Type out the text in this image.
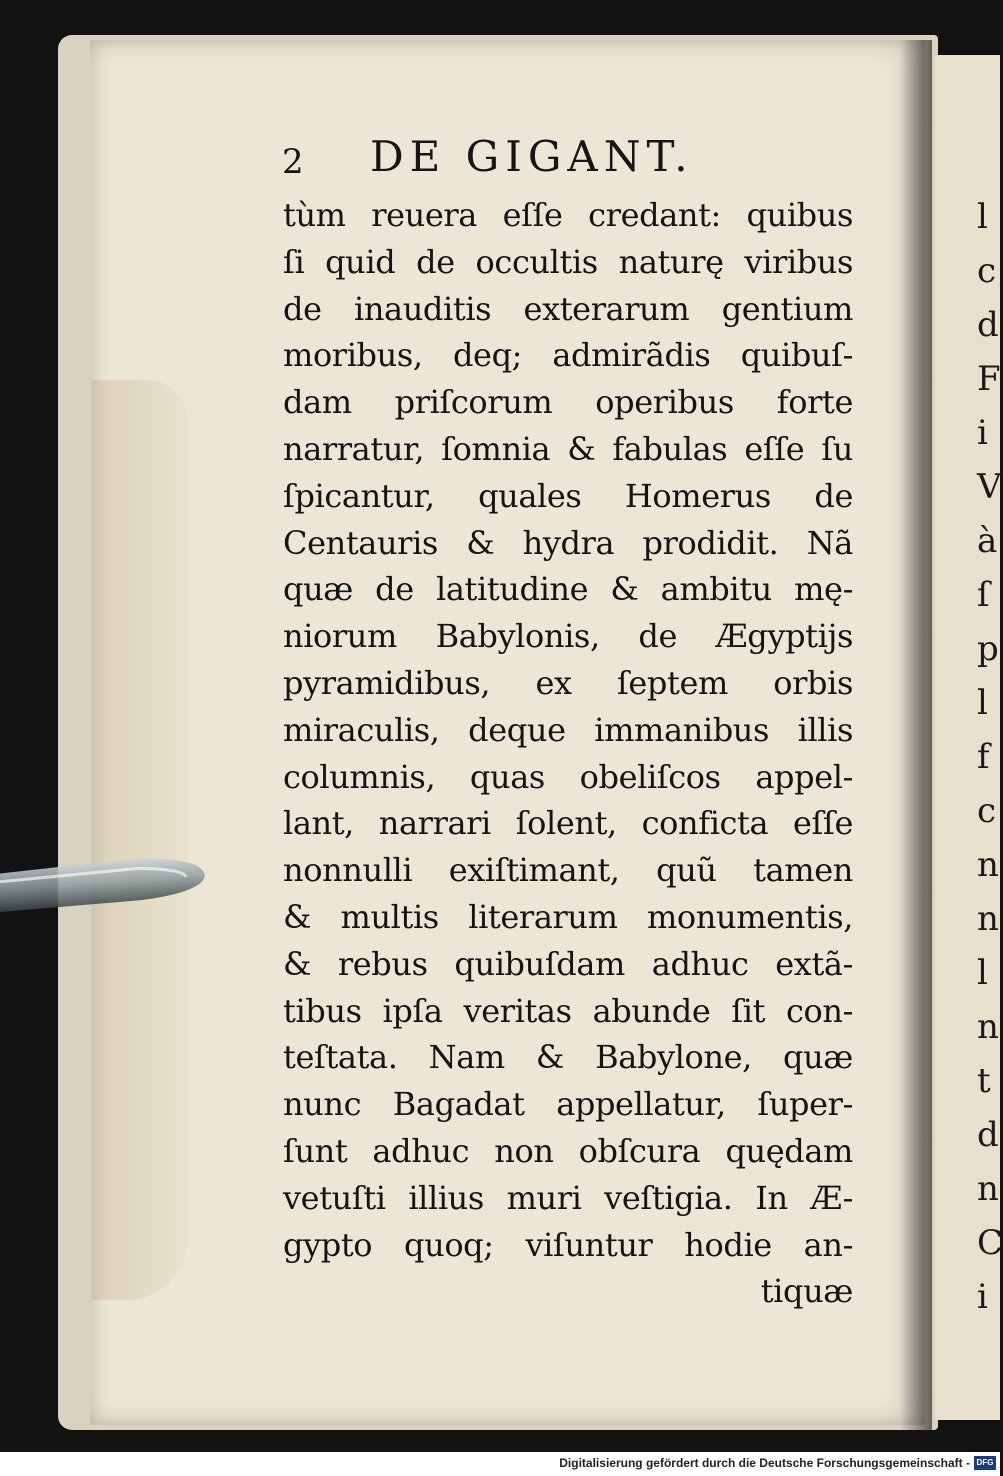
l
c
d
F
i
V
à
ſ
p
l
f
c
n
n
l
n
t
d
n
C
i
2 DE GIGANT.
tùm reuera eſſe credant: quibus
ſi quid de occultis naturę viribus
de inauditis exterarum gentium
moribus, deq; admirãdis quibuſ-
dam priſcorum operibus forte
narratur, ſomnia & fabulas eſſe ſu
ſpicantur, quales Homerus de
Centauris & hydra prodidit. Nã
quæ de latitudine & ambitu mę-
niorum Babylonis, de Ægyptijs
pyramidibus, ex ſeptem orbis
miraculis, deque immanibus illis
columnis, quas obeliſcos appel-
lant, narrari ſolent, conficta eſſe
nonnulli exiſtimant, quũ tamen
& multis literarum monumentis,
& rebus quibuſdam adhuc extã-
tibus ipſa veritas abunde ſit con-
teſtata. Nam & Babylone, quæ
nunc Bagadat appellatur, ſuper-
ſunt adhuc non obſcura quędam
vetuſti illius muri veſtigia. In Æ-
gypto quoq; viſuntur hodie an-
tiquæ
Digitalisierung gefördert durch die Deutsche Forschungsgemeinschaft - DFG
